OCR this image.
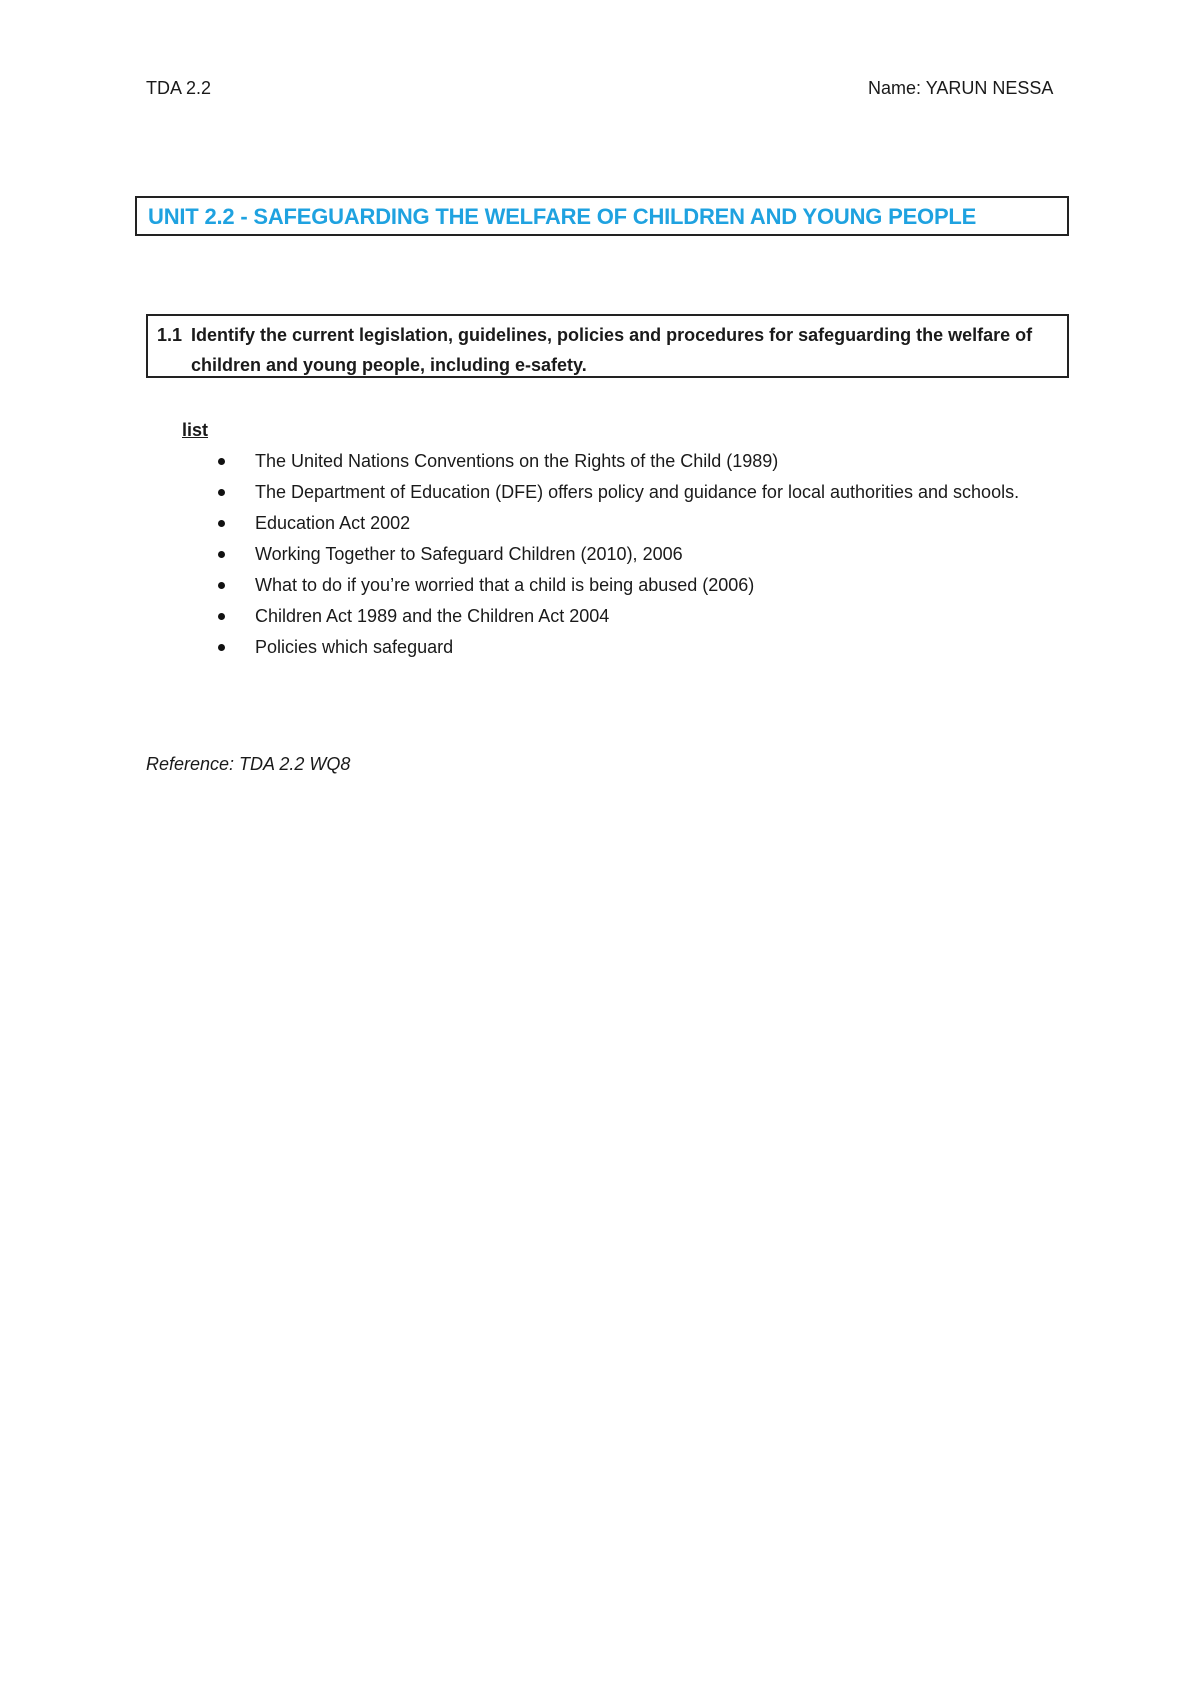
TDA 2.2	Name: YARUN NESSA
UNIT 2.2 - SAFEGUARDING THE WELFARE OF CHILDREN AND YOUNG PEOPLE
1.1 Identify the current legislation, guidelines, policies and procedures for safeguarding the welfare of children and young people, including e-safety.
list
The United Nations Conventions on the Rights of the Child (1989)
The Department of Education (DFE) offers policy and guidance for local authorities and schools.
Education Act 2002
Working Together to Safeguard Children (2010), 2006
What to do if you’re worried that a child is being abused (2006)
Children Act 1989 and the Children Act 2004
Policies which safeguard
Reference: TDA 2.2 WQ8
